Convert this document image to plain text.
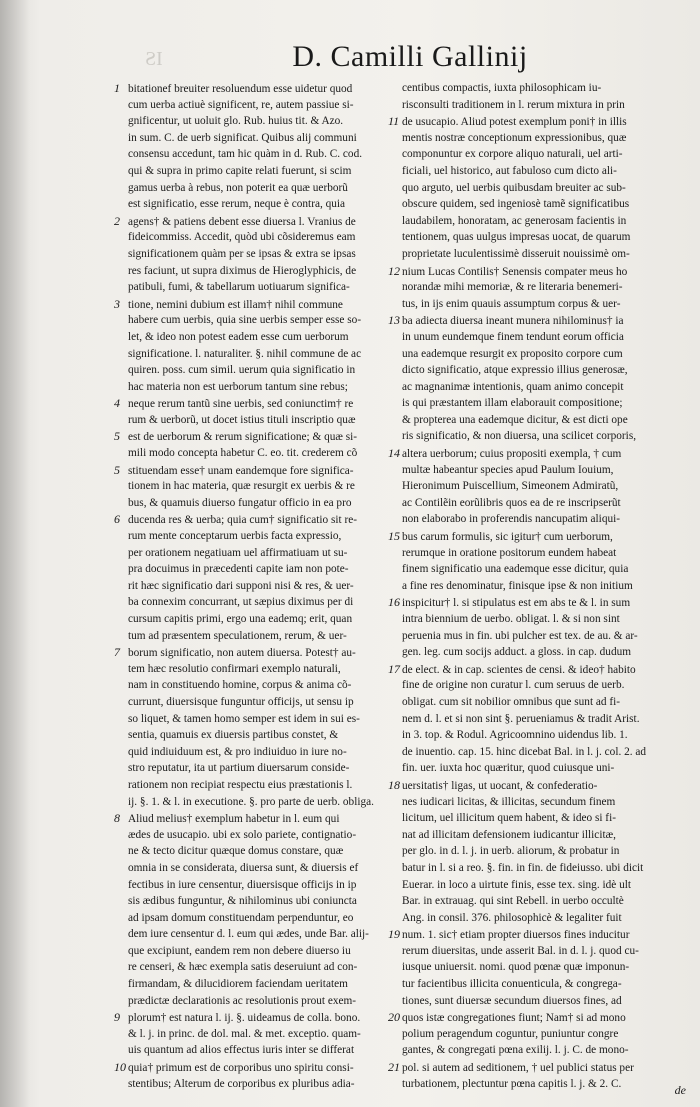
IS	D. Camilli Gallinij
1 bitationef breuiter resoluendum esse uidetur quod
cum uerba actiuè significent, re, autem passiue si-
gnificentur, ut uoluit glo. Rub. huius tit. & Azo.
in sum. C. de uerb significat. Quibus alij communi
consensu accedunt, tam hic quàm in d. Rub. C. cod.
qui & supra in primo capite relati fuerunt, si scim
gamus uerba à rebus, non poterit ea quæ uerborũ
est significatio, esse rerum, neque è contra, quia
2 agens† & patiens debent esse diuersa l. Vranius de
fideicommiss. Accedit, quòd ubi cõsideremus eam
significationem quàm per se ipsas & extra se ipsas
res faciunt, ut supra diximus de Hieroglyphicis, de
patibuli, fumi, & tabellarum uotiuarum significa-
3 tione, nemini dubium est illam† nihil commune
habere cum uerbis, quia sine uerbis semper esse so-
let, & ideo non potest eadem esse cum uerborum
significatione. l. naturaliter. §. nihil commune de ac
quiren. poss. cum simil. uerum quia significatio in
hac materia non est uerborum tantum sine rebus;
4 neque rerum tantũ sine uerbis, sed coniunctim† re
rum & uerborũ, ut docet istius tituli inscriptio quæ
5 est de uerborum & rerum significatione; & quæ si-
mili modo concepta habetur C. eo. tit. crederem cõ
5 stituendam esse† unam eandemque fore significa-
tionem in hac materia, quæ resurgit ex uerbis & re
bus, & quamuis diuerso fungatur officio in ea pro
6 ducenda res & uerba; quia cum† significatio sit re-
rum mente conceptarum uerbis facta expressio,
per orationem negatiuam uel affirmatiuam ut su-
pra docuimus in præcedenti capite iam non pote-
rit hæc significatio dari supponi nisi & res, & uer-
ba connexim concurrant, ut sæpius diximus per di
cursum capitis primi, ergo una eademq; erit, quan
tum ad præsentem speculationem, rerum, & uer-
7 borum significatio, non autem diuersa. Potest† au-
tem hæc resolutio confirmari exemplo naturali,
nam in constituendo homine, corpus & anima cõ-
currunt, diuersisque funguntur officijs, ut sensu ip
so liquet, & tamen homo semper est idem in sui es-
sentia, quamuis ex diuersis partibus constet, &
quid indiuiduum est, & pro indiuiduo in iure no-
stro reputatur, ita ut partium diuersarum conside-
rationem non recipiat respectu eius præstationis l.
ij. §. 1. & l. in executione. §. pro parte de uerb. obliga.
8 Aliud melius† exemplum habetur in l. eum qui
ædes de usucapio. ubi ex solo pariete, contignatio-
ne & tecto dicitur quæque domus constare, quæ
omnia in se considerata, diuersa sunt, & diuersis ef
fectibus in iure censentur, diuersisque officijs in ip
sis ædibus funguntur, & nihilominus ubi coniuncta
ad ipsam domum constituendam perpenduntur, eo
dem iure censentur d. l. eum qui ædes, unde Bar. alij-
que excipiunt, eandem rem non debere diuerso iu
re censeri, & hæc exempla satis deseruiunt ad con-
firmandam, & dilucidiorem faciendam ueritatem
prædictæ declarationis ac resolutionis prout exem-
9 plorum† est natura l. ij. §. uideamus de colla. bono.
& l. j. in princ. de dol. mal. & met. exceptio. quam-
uis quantum ad alios effectus iuris inter se differat
10 quia† primum est de corporibus uno spiritu consi-
stentibus; Alterum de corporibus ex pluribus adia-
centibus compactis, iuxta philosophicam iu-
risconsulti traditionem in l. rerum mixtura in prin
11 de usucapio. Aliud potest exemplum poni† in illis
mentis nostræ conceptionum expressionibus, quæ
componuntur ex corpore aliquo naturali, uel arti-
ficiali, uel historico, aut fabuloso cum dicto ali-
quo arguto, uel uerbis quibusdam breuiter ac sub-
obscure quidem, sed ingeniosè tamẽ significatibus
laudabilem, honoratam, ac generosam facientis in
tentionem, quas uulgus impresas uocat, de quarum
proprietate luculentissimè disseruit nouissimè om-
12 nium Lucas Contilis† Senensis compater meus ho
norandæ mihi memoriæ, & re literaria benemeri-
tus, in ijs enim quauis assumptum corpus & uer-
13 ba adiecta diuersa ineant munera nihilominus† ia
in unum eundemque finem tendunt eorum officia
una eademque resurgit ex proposito corpore cum
dicto significatio, atque expressio illius generosæ,
ac magnanimæ intentionis, quam animo concepit
is qui præstantem illam elaborauit compositione;
& propterea una eademque dicitur, & est dicti ope
ris significatio, & non diuersa, una scilicet corporis,
14 altera uerborum; cuius propositi exempla, † cum
multæ habeantur species apud Paulum Iouium,
Hieronimum Puiscellium, Simeonem Admiratũ,
ac Contilẽin eorũlibris quos ea de re inscripserũt
non elaborabo in proferendis nancupatim aliqui-
15 bus carum formulis, sic igitur† cum uerborum,
rerumque in oratione positorum eundem habeat
finem significatio una eademque esse dicitur, quia
a fine res denominatur, finisque ipse & non initium
16 inspicitur† l. si stipulatus est em abs te & l. in sum
intra biennium de uerbo. obligat. l. & si non sint
peruenia mus in fin. ubi pulcher est tex. de au. & ar-
gen. leg. cum socijs adduct. a gloss. in cap. dudum
17 de elect. & in cap. scientes de censi. & ideo† habito
fine de origine non curatur l. cum seruus de uerb.
obligat. cum sit nobilior omnibus que sunt ad fi-
nem d. l. et si non sint §. perueniamus & tradit Arist.
in 3. top. & Rodul. Agricoomnino uidendus lib. 1.
de inuentio. cap. 15. hinc dicebat Bal. in l. j. col. 2. ad
fin. uer. iuxta hoc quæritur, quod cuiusque uni-
18 uersitatis† ligas, ut uocant, & confederatio-
nes iudicari licitas, & illicitas, secundum finem
licitum, uel illicitum quem habent, & ideo si fi-
nat ad illicitam defensionem iudicantur illicitæ,
per glo. in d. l. j. in uerb. aliorum, & probatur in
batur in l. si a reo. §. fin. in fin. de fideiusso. ubi dicit
Euerar. in loco a uirtute finis, esse tex. sing. idè ult
Bar. in extrauag. qui sint Rebell. in uerbo occultè
Ang. in consil. 376. philosophicè & legaliter fuit
19 num. 1. sic† etiam propter diuersos fines inducitur
rerum diuersitas, unde asserit Bal. in d. l. j. quod cu-
iusque uniuersit. nomi. quod pœnæ quæ imponun-
tur facientibus illicita conuenticula, & congrega-
tiones, sunt diuersæ secundum diuersos fines, ad
20 quos istæ congregationes fiunt; Nam† si ad mono
polium peragendum coguntur, puniuntur congre
gantes, & congregati pœna exilij. l. j. C. de mono-
21 pol. si autem ad seditionem, † uel publici status per
turbationem, plectuntur pœna capitis l. j. & 2. C.	de
